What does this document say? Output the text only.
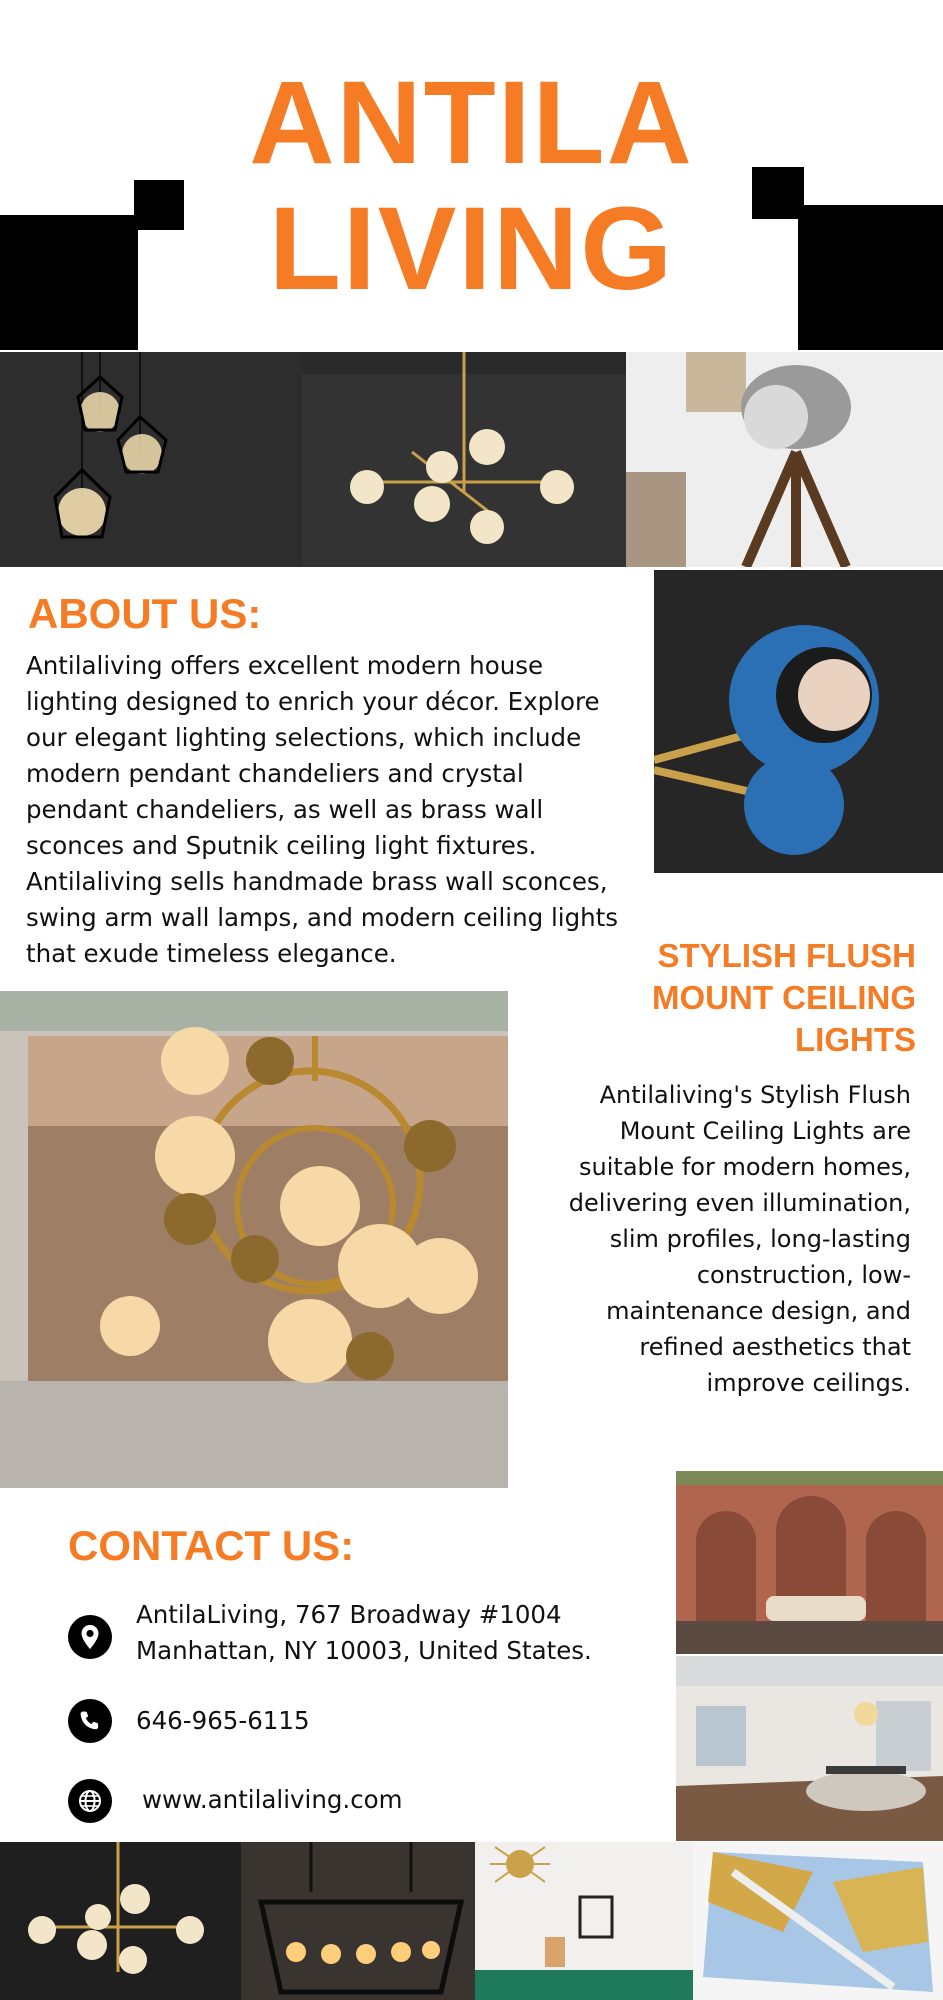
ANTILA
LIVING
ABOUT US:
Antilaliving offers excellent modern house lighting designed to enrich your décor. Explore our elegant lighting selections, which include modern pendant chandeliers and crystal pendant chandeliers, as well as brass wall sconces and Sputnik ceiling light fixtures. Antilaliving sells handmade brass wall sconces, swing arm wall lamps, and modern ceiling lights that exude timeless elegance.	STYLISH FLUSH
MOUNT CEILING
LIGHTS
Antilaliving's Stylish Flush Mount Ceiling Lights are suitable for modern homes, delivering even illumination, slim profiles, long-lasting construction, low-maintenance design, and refined aesthetics that improve ceilings.
CONTACT US:
AntilaLiving, 767 Broadway #1004
Manhattan, NY 10003, United States.
646-965-6115
www.antilaliving.com
